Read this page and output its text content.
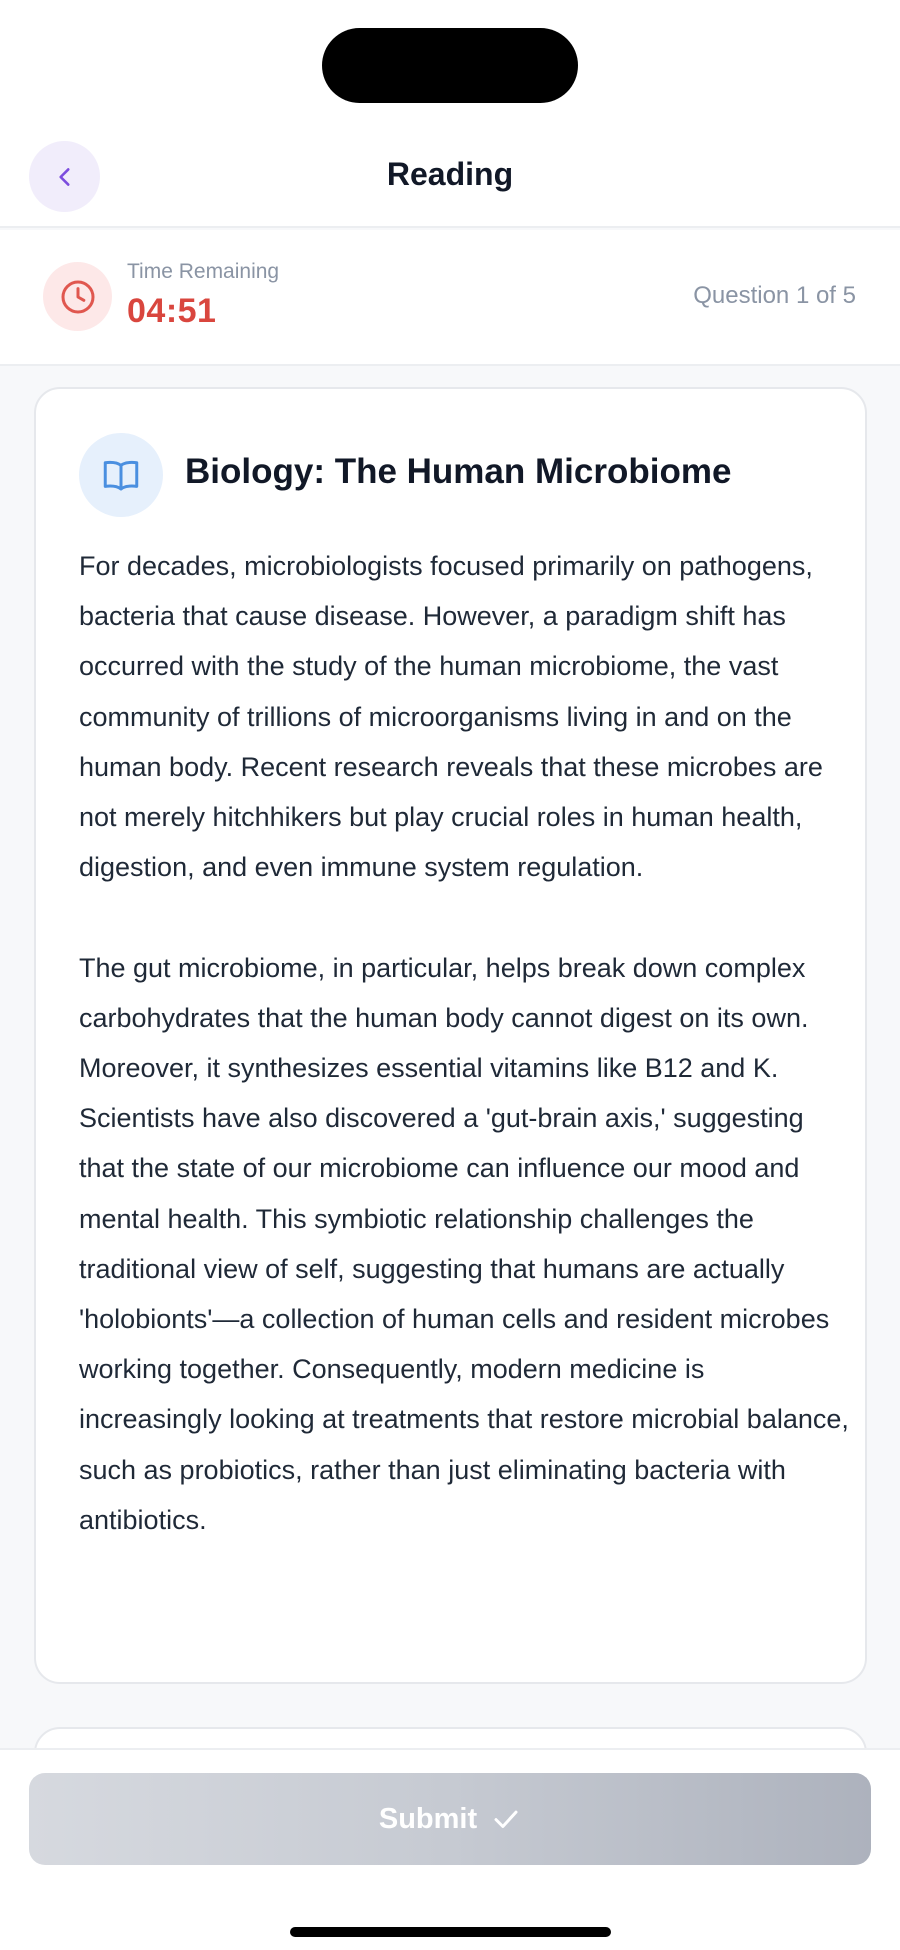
Reading
Time Remaining
04:51	Question 1 of 5
Biology: The Human Microbiome

For decades, microbiologists focused primarily on pathogens, bacteria that cause disease. However, a paradigm shift has occurred with the study of the human microbiome, the vast community of trillions of microorganisms living in and on the human body. Recent research reveals that these microbes are not merely hitchhikers but play crucial roles in human health, digestion, and even immune system regulation.

The gut microbiome, in particular, helps break down complex carbohydrates that the human body cannot digest on its own. Moreover, it synthesizes essential vitamins like B12 and K. Scientists have also discovered a 'gut-brain axis,' suggesting that the state of our microbiome can influence our mood and mental health. This symbiotic relationship challenges the traditional view of self, suggesting that humans are actually 'holobionts'—a collection of human cells and resident microbes working together. Consequently, modern medicine is increasingly looking at treatments that restore microbial balance, such as probiotics, rather than just eliminating bacteria with antibiotics.

Submit
